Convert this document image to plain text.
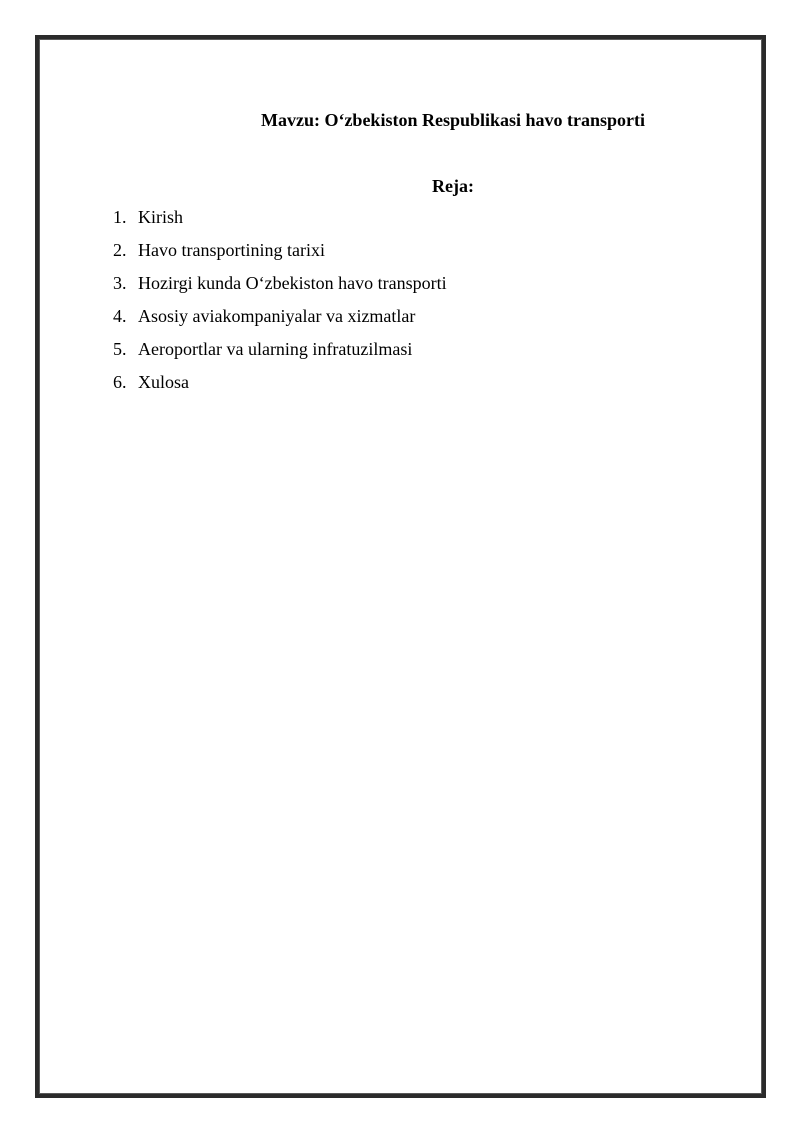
Mavzu: O‘zbekiston Respublikasi havo transporti
Reja:
1. Kirish
2. Havo transportining tarixi
3. Hozirgi kunda O‘zbekiston havo transporti
4. Asosiy aviakompaniyalar va xizmatlar
5. Aeroportlar va ularning infratuzilmasi
6. Xulosa
